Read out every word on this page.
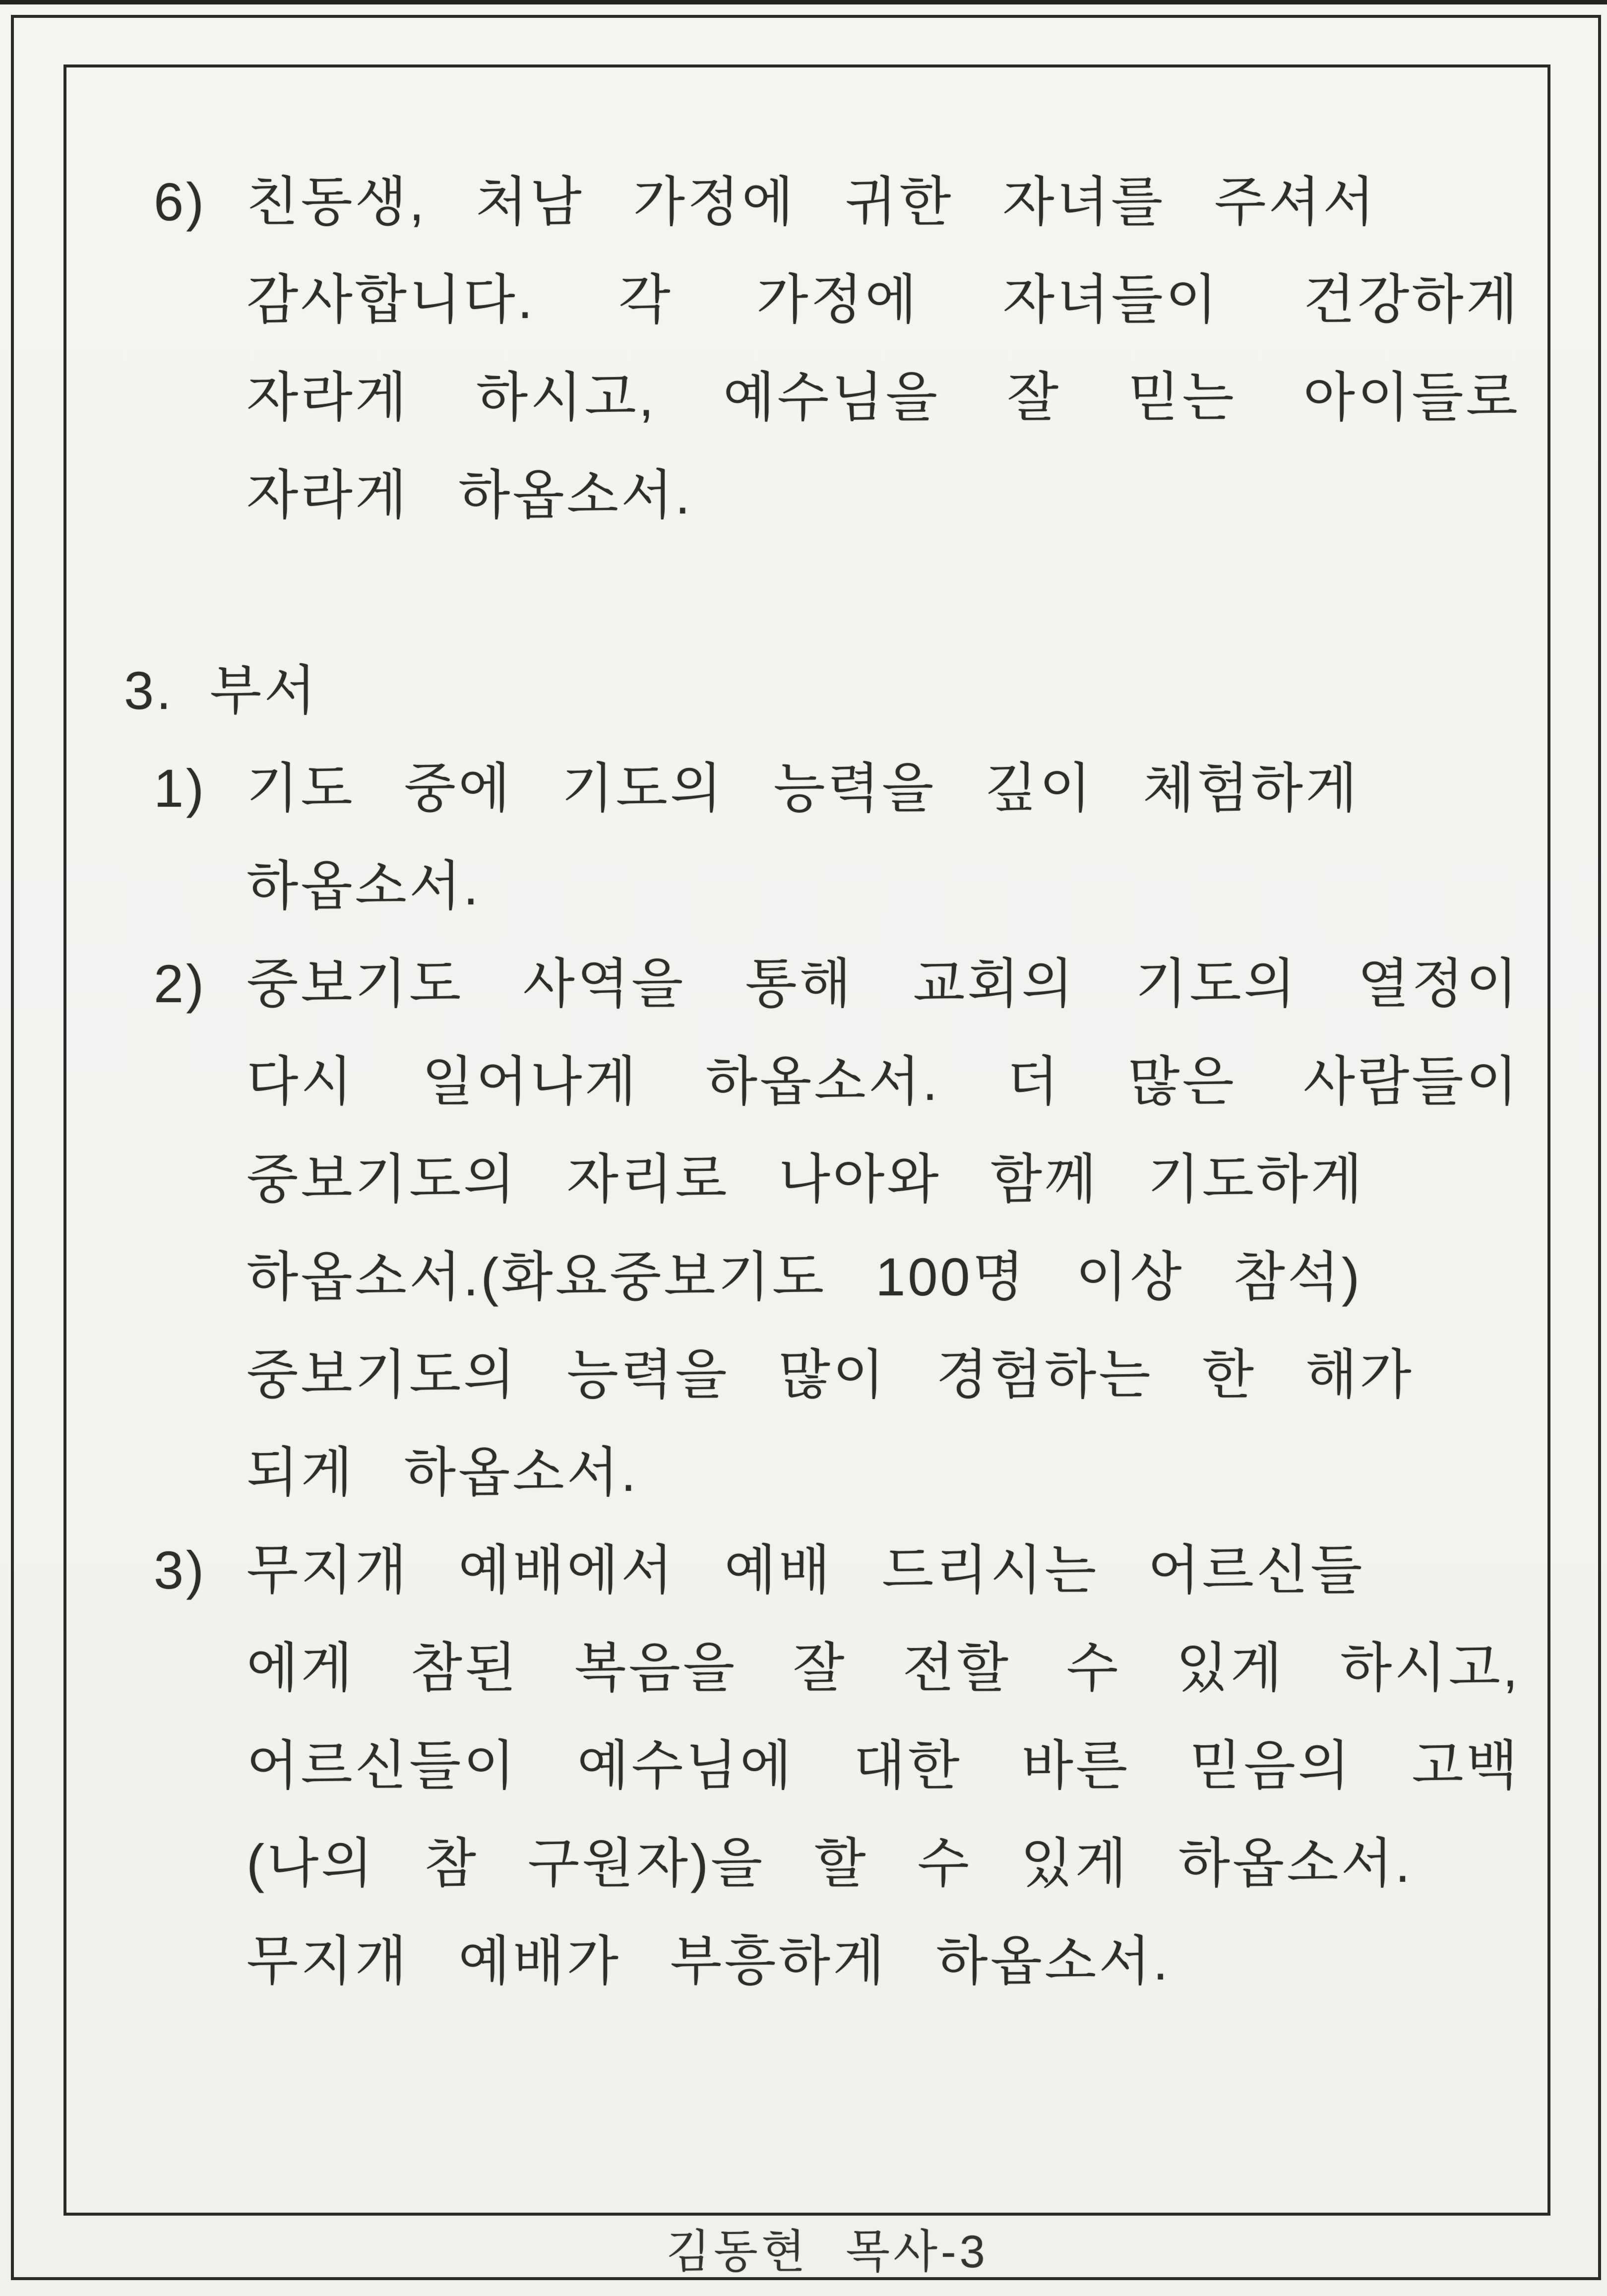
6) 친동생, 처남 가정에 귀한 자녀를 주셔서
감사합니다. 각 가정에 자녀들이 건강하게
자라게 하시고, 예수님을 잘 믿는 아이들로
자라게 하옵소서.
3. 부서
1) 기도 중에 기도의 능력을 깊이 체험하게
하옵소서.
2) 중보기도 사역을 통해 교회의 기도의 열정이
다시 일어나게 하옵소서. 더 많은 사람들이
중보기도의 자리로 나아와 함께 기도하게
하옵소서.(화요중보기도 100명 이상 참석)
중보기도의 능력을 많이 경험하는 한 해가
되게 하옵소서.
3) 무지개 예배에서 예배 드리시는 어르신들
에게 참된 복음을 잘 전할 수 있게 하시고,
어르신들이 예수님에 대한 바른 믿음의 고백
(나의 참 구원자)을 할 수 있게 하옵소서.
무지개 예배가 부흥하게 하옵소서.
김동현 목사-3
